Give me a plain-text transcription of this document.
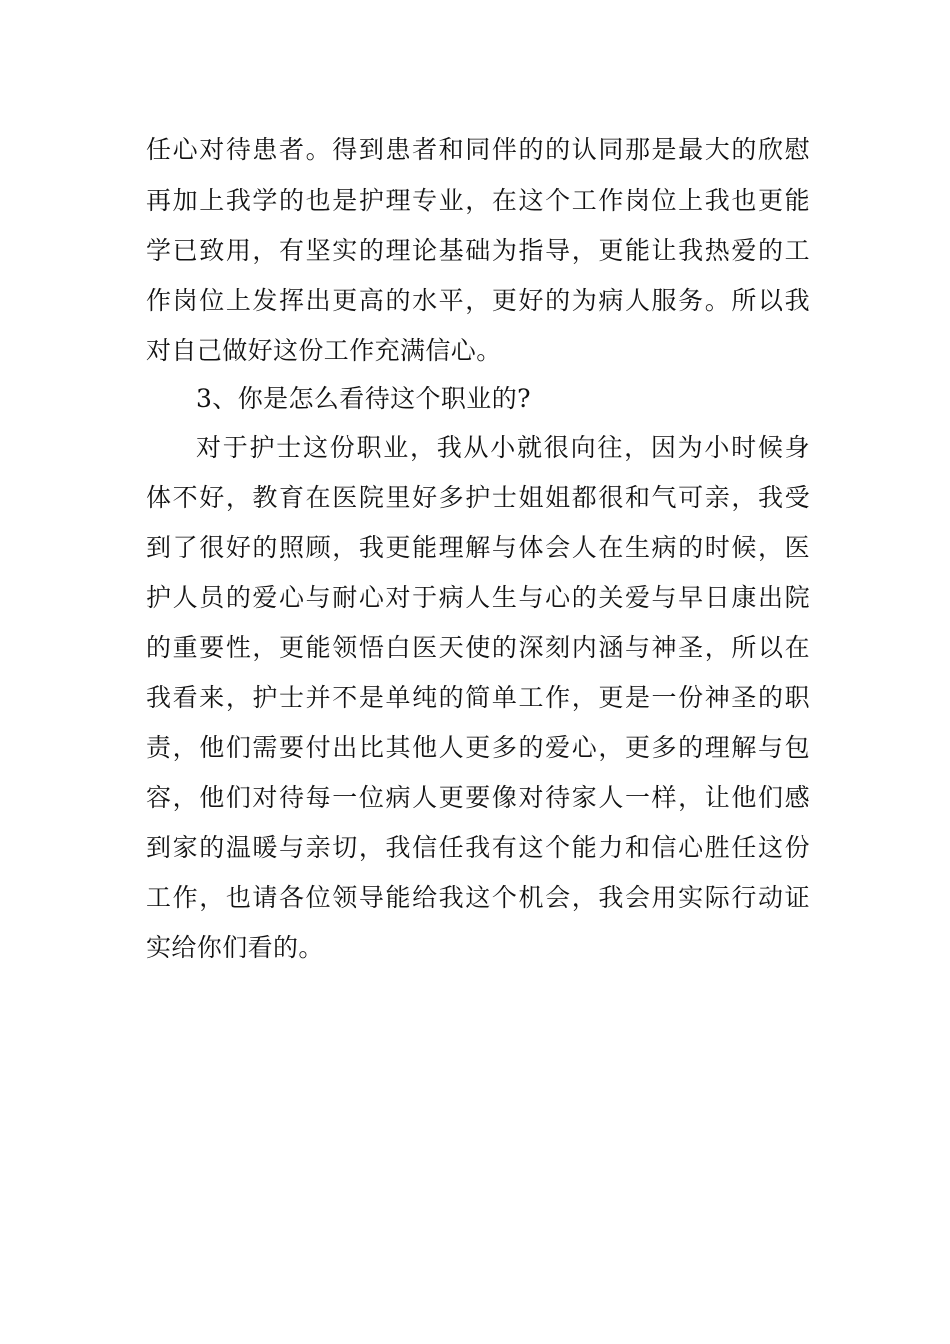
任心对待患者。得到患者和同伴的的认同那是最大的欣慰
再加上我学的也是护理专业，在这个工作岗位上我也更能
学已致用，有坚实的理论基础为指导，更能让我热爱的工
作岗位上发挥出更高的水平，更好的为病人服务。所以我
对自己做好这份工作充满信心。
3、你是怎么看待这个职业的?
对于护士这份职业，我从小就很向往，因为小时候身
体不好，教育在医院里好多护士姐姐都很和气可亲，我受
到了很好的照顾，我更能理解与体会人在生病的时候，医
护人员的爱心与耐心对于病人生与心的关爱与早日康出院
的重要性，更能领悟白医天使的深刻内涵与神圣，所以在
我看来，护士并不是单纯的简单工作，更是一份神圣的职
责，他们需要付出比其他人更多的爱心，更多的理解与包
容，他们对待每一位病人更要像对待家人一样，让他们感
到家的温暖与亲切，我信任我有这个能力和信心胜任这份
工作，也请各位领导能给我这个机会，我会用实际行动证
实给你们看的。
